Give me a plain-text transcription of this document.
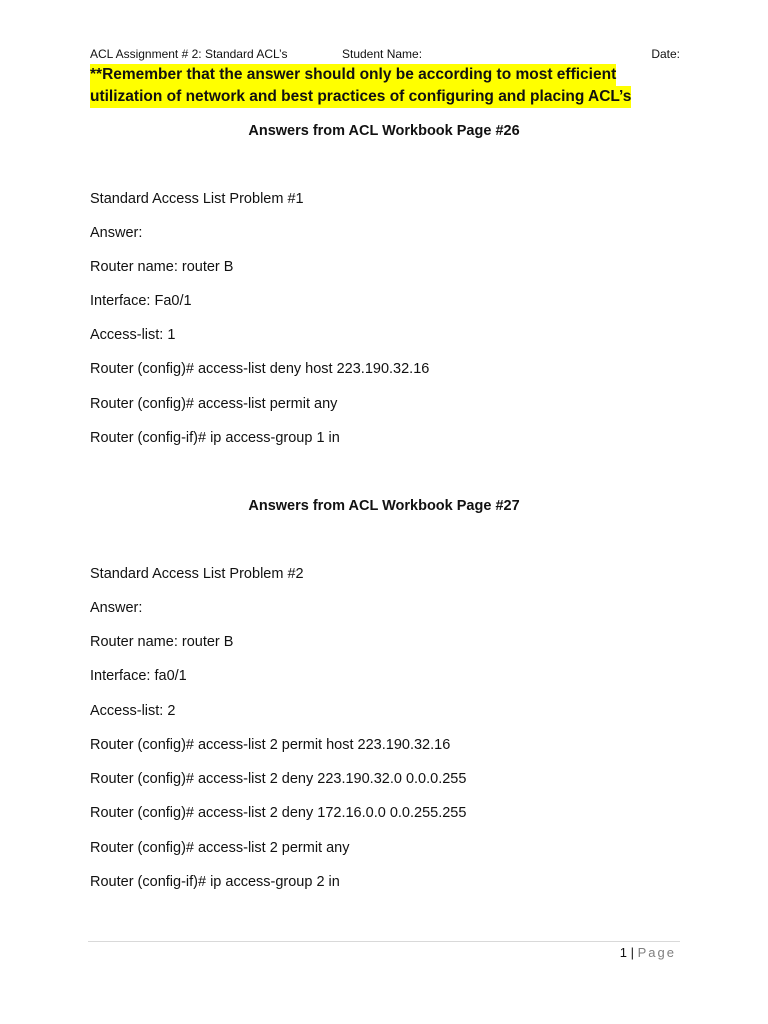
ACL Assignment # 2: Standard ACL’s	Student Name:	Date:
**Remember that the answer should only be according to most efficient
utilization of network and best practices of configuring and placing ACL’s
Answers from ACL Workbook Page #26
Standard Access List Problem #1
Answer:
Router name: router B
Interface: Fa0/1
Access-list: 1
Router (config)# access-list deny host 223.190.32.16
Router (config)# access-list permit any
Router (config-if)# ip access-group 1 in
Answers from ACL Workbook Page #27
Standard Access List Problem #2
Answer:
Router name: router B
Interface: fa0/1
Access-list: 2
Router (config)# access-list 2 permit host 223.190.32.16
Router (config)# access-list 2 deny 223.190.32.0 0.0.0.255
Router (config)# access-list 2 deny 172.16.0.0 0.0.255.255
Router (config)# access-list 2 permit any
Router (config-if)# ip access-group 2 in
1 | Page
